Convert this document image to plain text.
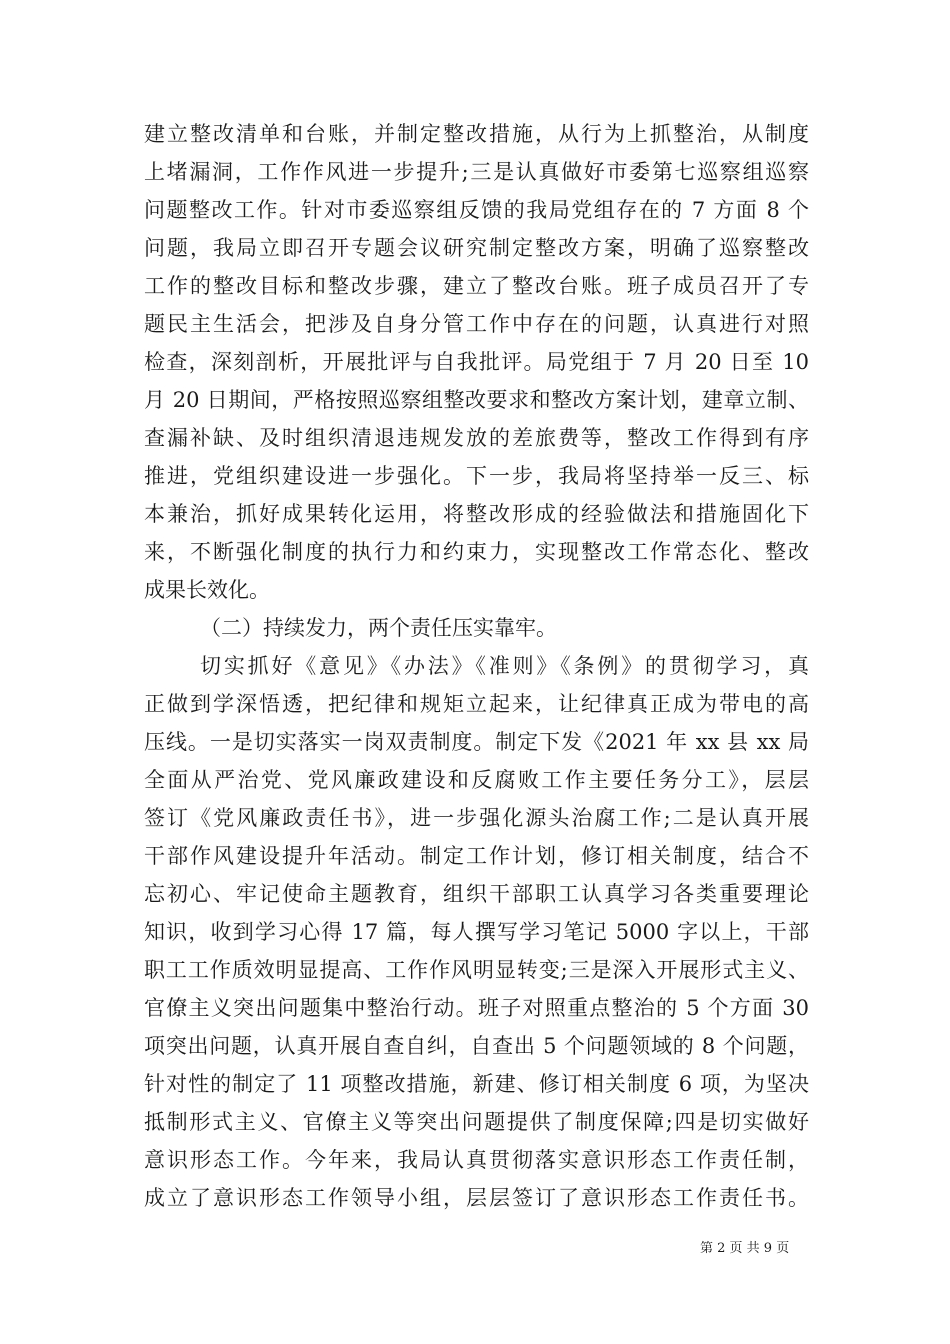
建立整改清单和台账，并制定整改措施，从行为上抓整治，从制度
上堵漏洞，工作作风进一步提升;三是认真做好市委第七巡察组巡察
问题整改工作。针对市委巡察组反馈的我局党组存在的 7 方面 8 个
问题，我局立即召开专题会议研究制定整改方案，明确了巡察整改
工作的整改目标和整改步骤，建立了整改台账。班子成员召开了专
题民主生活会，把涉及自身分管工作中存在的问题，认真进行对照
检查，深刻剖析，开展批评与自我批评。局党组于 7 月 20 日至 10
月 20 日期间，严格按照巡察组整改要求和整改方案计划，建章立制、
查漏补缺、及时组织清退违规发放的差旅费等，整改工作得到有序
推进，党组织建设进一步强化。下一步，我局将坚持举一反三、标
本兼治，抓好成果转化运用，将整改形成的经验做法和措施固化下
来，不断强化制度的执行力和约束力，实现整改工作常态化、整改
成果长效化。
（二）持续发力，两个责任压实靠牢。
切实抓好《意见》《办法》《准则》《条例》的贯彻学习，真
正做到学深悟透，把纪律和规矩立起来，让纪律真正成为带电的高
压线。一是切实落实一岗双责制度。制定下发《2021 年 xx 县 xx 局
全面从严治党、党风廉政建设和反腐败工作主要任务分工》，层层
签订《党风廉政责任书》，进一步强化源头治腐工作;二是认真开展
干部作风建设提升年活动。制定工作计划，修订相关制度，结合不
忘初心、牢记使命主题教育，组织干部职工认真学习各类重要理论
知识，收到学习心得 17 篇，每人撰写学习笔记 5000 字以上，干部
职工工作质效明显提高、工作作风明显转变;三是深入开展形式主义、
官僚主义突出问题集中整治行动。班子对照重点整治的 5 个方面 30
项突出问题，认真开展自查自纠，自查出 5 个问题领域的 8 个问题，
针对性的制定了 11 项整改措施，新建、修订相关制度 6 项，为坚决
抵制形式主义、官僚主义等突出问题提供了制度保障;四是切实做好
意识形态工作。今年来，我局认真贯彻落实意识形态工作责任制，
成立了意识形态工作领导小组，层层签订了意识形态工作责任书。
第 2 页 共 9 页
